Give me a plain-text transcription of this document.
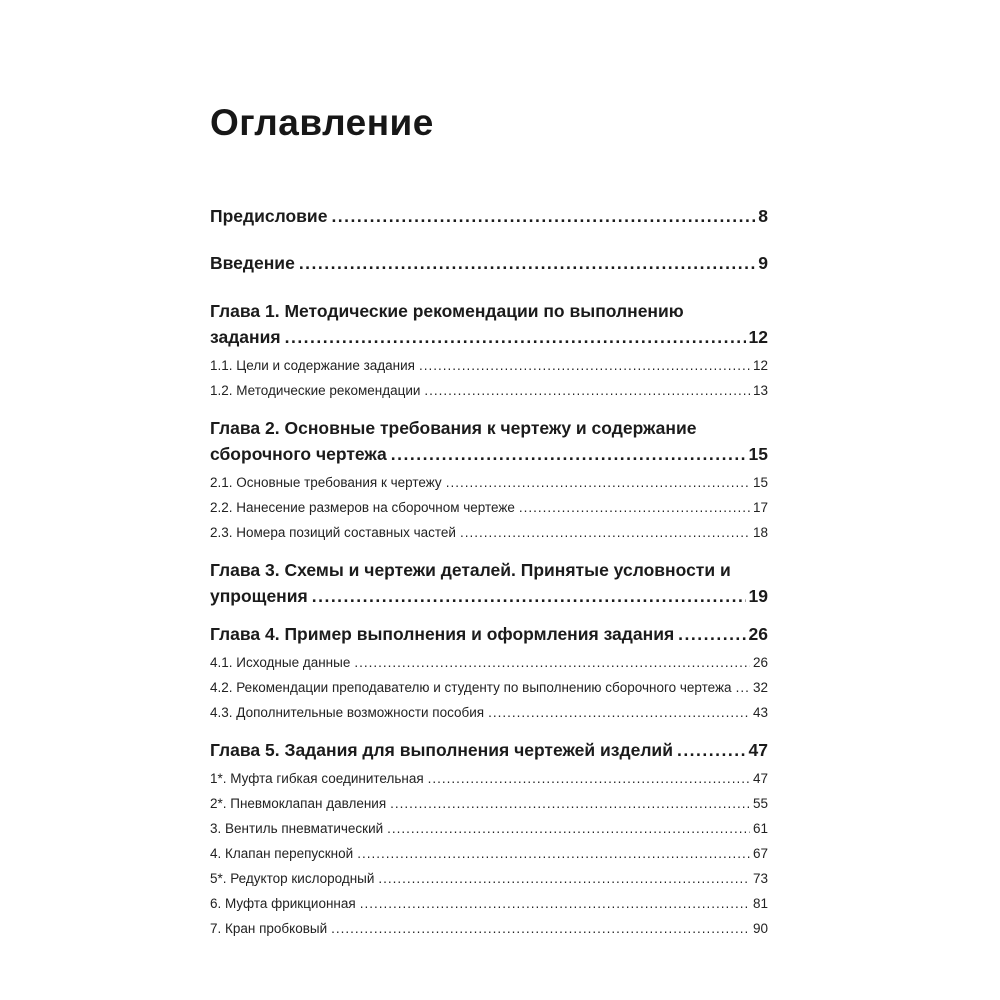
Оглавление
Предисловие .....	8
Введение .....	9
Глава 1. Методические рекомендации по выполнению
задания .....	12
1.1. Цели и содержание задания .....	12
1.2. Методические рекомендации .....	13
Глава 2. Основные требования к чертежу и содержание
сборочного чертежа .....	15
2.1. Основные требования к чертежу .....	15
2.2. Нанесение размеров на сборочном чертеже .....	17
2.3. Номера позиций составных частей .....	18
Глава 3. Схемы и чертежи деталей. Принятые условности и
упрощения .....	19
Глава 4. Пример выполнения и оформления задания .....	26
4.1. Исходные данные .....	26
4.2. Рекомендации преподавателю и студенту по выполнению сборочного чертежа ..... 32
4.3. Дополнительные возможности пособия .....	43
Глава 5. Задания для выполнения чертежей изделий .....	47
1*. Муфта гибкая соединительная .....	47
2*. Пневмоклапан давления .....	55
3. Вентиль пневматический .....	61
4. Клапан перепускной .....	67
5*. Редуктор кислородный .....	73
6. Муфта фрикционная .....	81
7. Кран пробковый .....	90
